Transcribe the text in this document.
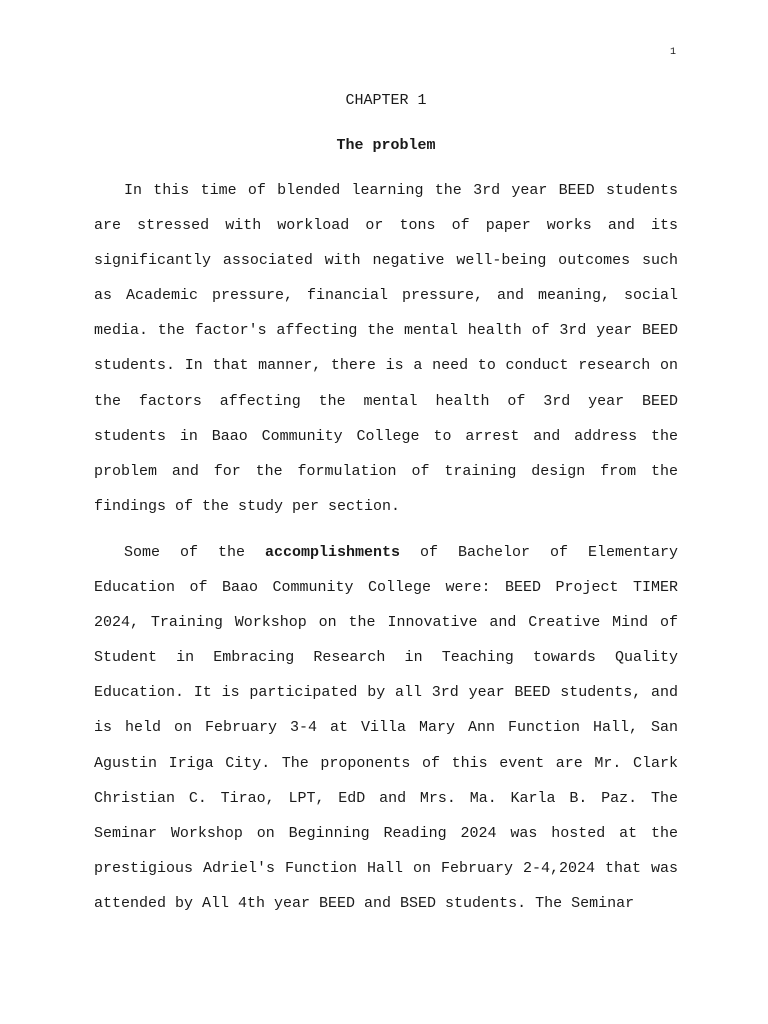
1
CHAPTER 1
The problem

In this time of blended learning the 3rd year BEED students are stressed with workload or tons of paper works and its significantly associated with negative well-being outcomes such as Academic pressure, financial pressure, and meaning, social media. the factor's affecting the mental health of 3rd year BEED students. In that manner, there is a need to conduct research on the factors affecting the mental health of 3rd year BEED students in Baao Community College to arrest and address the problem and for the formulation of training design from the findings of the study per section.

Some of the accomplishments of Bachelor of Elementary Education of Baao Community College were: BEED Project TIMER 2024, Training Workshop on the Innovative and Creative Mind of Student in Embracing Research in Teaching towards Quality Education. It is participated by all 3rd year BEED students, and is held on February 3-4 at Villa Mary Ann Function Hall, San Agustin Iriga City. The proponents of this event are Mr. Clark Christian C. Tirao, LPT, EdD and Mrs. Ma. Karla B. Paz. The Seminar Workshop on Beginning Reading 2024 was hosted at the prestigious Adriel's Function Hall on February 2-4,2024 that was attended by All 4th year BEED and BSED students. The Seminar
